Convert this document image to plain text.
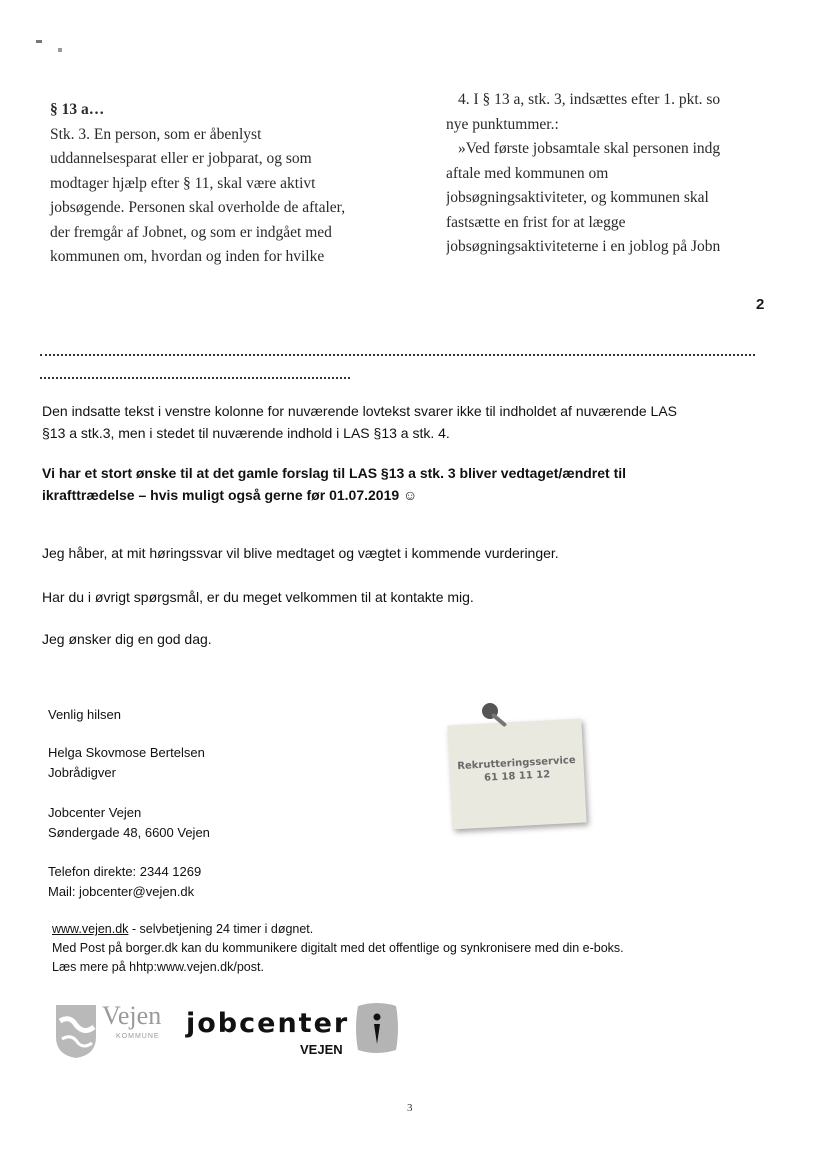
§ 13 a…
Stk. 3. En person, som er åbenlyst
uddannelsesparat eller er jobparat, og som
modtager hjælp efter § 11, skal være aktivt
jobsøgende. Personen skal overholde de aftaler,
der fremgår af Jobnet, og som er indgået med
kommunen om, hvordan og inden for hvilke
4. I § 13 a, stk. 3, indsættes efter 1. pkt. so
nye punktummer.:
»Ved første jobsamtale skal personen indg
aftale med kommunen om
jobsøgningsaktiviteter, og kommunen skal
fastsætte en frist for at lægge
jobsøgningsaktiviteterne i en joblog på Jobn
2
Den indsatte tekst i venstre kolonne for nuværende lovtekst svarer ikke til indholdet af nuværende LAS
§13 a stk.3, men i stedet til nuværende indhold i LAS §13 a stk. 4.
Vi har et stort ønske til at det gamle forslag til LAS §13 a stk. 3 bliver vedtaget/ændret til
ikrafttrædelse – hvis muligt også gerne før 01.07.2019 ☺
Jeg håber, at mit høringssvar vil blive medtaget og vægtet i kommende vurderinger.
Har du i øvrigt spørgsmål, er du meget velkommen til at kontakte mig.
Jeg ønsker dig en god dag.
Venlig hilsen
Helga Skovmose Bertelsen
Jobrådigver
Jobcenter Vejen
Søndergade 48, 6600 Vejen
Telefon direkte: 2344 1269
Mail: jobcenter@vejen.dk
Rekrutteringsservice
61 18 11 12
www.vejen.dk - selvbetjening 24 timer i døgnet.
Med Post på borger.dk kan du kommunikere digitalt med det offentlige og synkronisere med din e-boks.
Læs mere på hhtp:www.vejen.dk/post.
Vejen
KOMMUNE jobcenter
VEJEN
3
